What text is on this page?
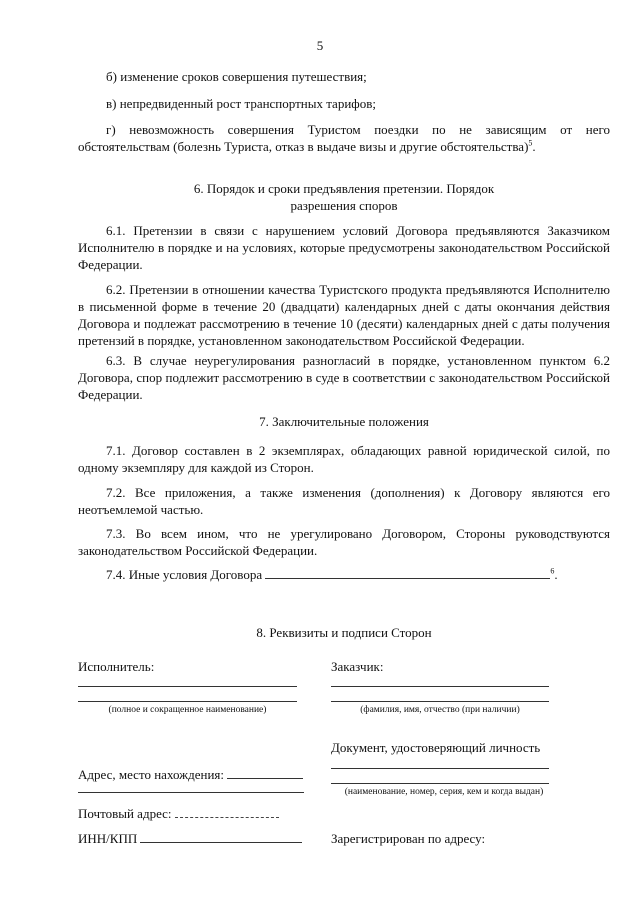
5

б) изменение сроков совершения путешествия;

в) непредвиденный рост транспортных тарифов;

г) невозможность совершения Туристом поездки по не зависящим от него обстоятельствам (болезнь Туриста, отказ в выдаче визы и другие обстоятельства)$^5$.

6. Порядок и сроки предъявления претензии. Порядок
разрешения споров

6.1. Претензии в связи с нарушением условий Договора предъявляются Заказчиком Исполнителю в порядке и на условиях, которые предусмотрены законодательством Российской Федерации.

6.2. Претензии в отношении качества Туристского продукта предъявляются Исполнителю в письменной форме в течение 20 (двадцати) календарных дней с даты окончания действия Договора и подлежат рассмотрению в течение 10 (десяти) календарных дней с даты получения претензий в порядке, установленном законодательством Российской Федерации.

6.3. В случае неурегулирования разногласий в порядке, установленном пунктом 6.2 Договора, спор подлежит рассмотрению в суде в соответствии с законодательством Российской Федерации.

7. Заключительные положения

7.1. Договор составлен в 2 экземплярах, обладающих равной юридической силой, по одному экземпляру для каждой из Сторон.

7.2. Все приложения, а также изменения (дополнения) к Договору являются его неотъемлемой частью.

7.3. Во всем ином, что не урегулировано Договором, Стороны руководствуются законодательством Российской Федерации.

7.4. Иные условия Договора	$^6$.
8. Реквизиты и подписи Сторон
Исполнитель:	Заказчик:
(полное и сокращенное наименование)	(фамилия, имя, отчество (при наличии)
Документ, удостоверяющий личность
(наименование, номер, серия, кем и когда выдан)
Адрес, место нахождения:
Почтовый адрес:
ИНН/КПП	Зарегистрирован по адресу:
